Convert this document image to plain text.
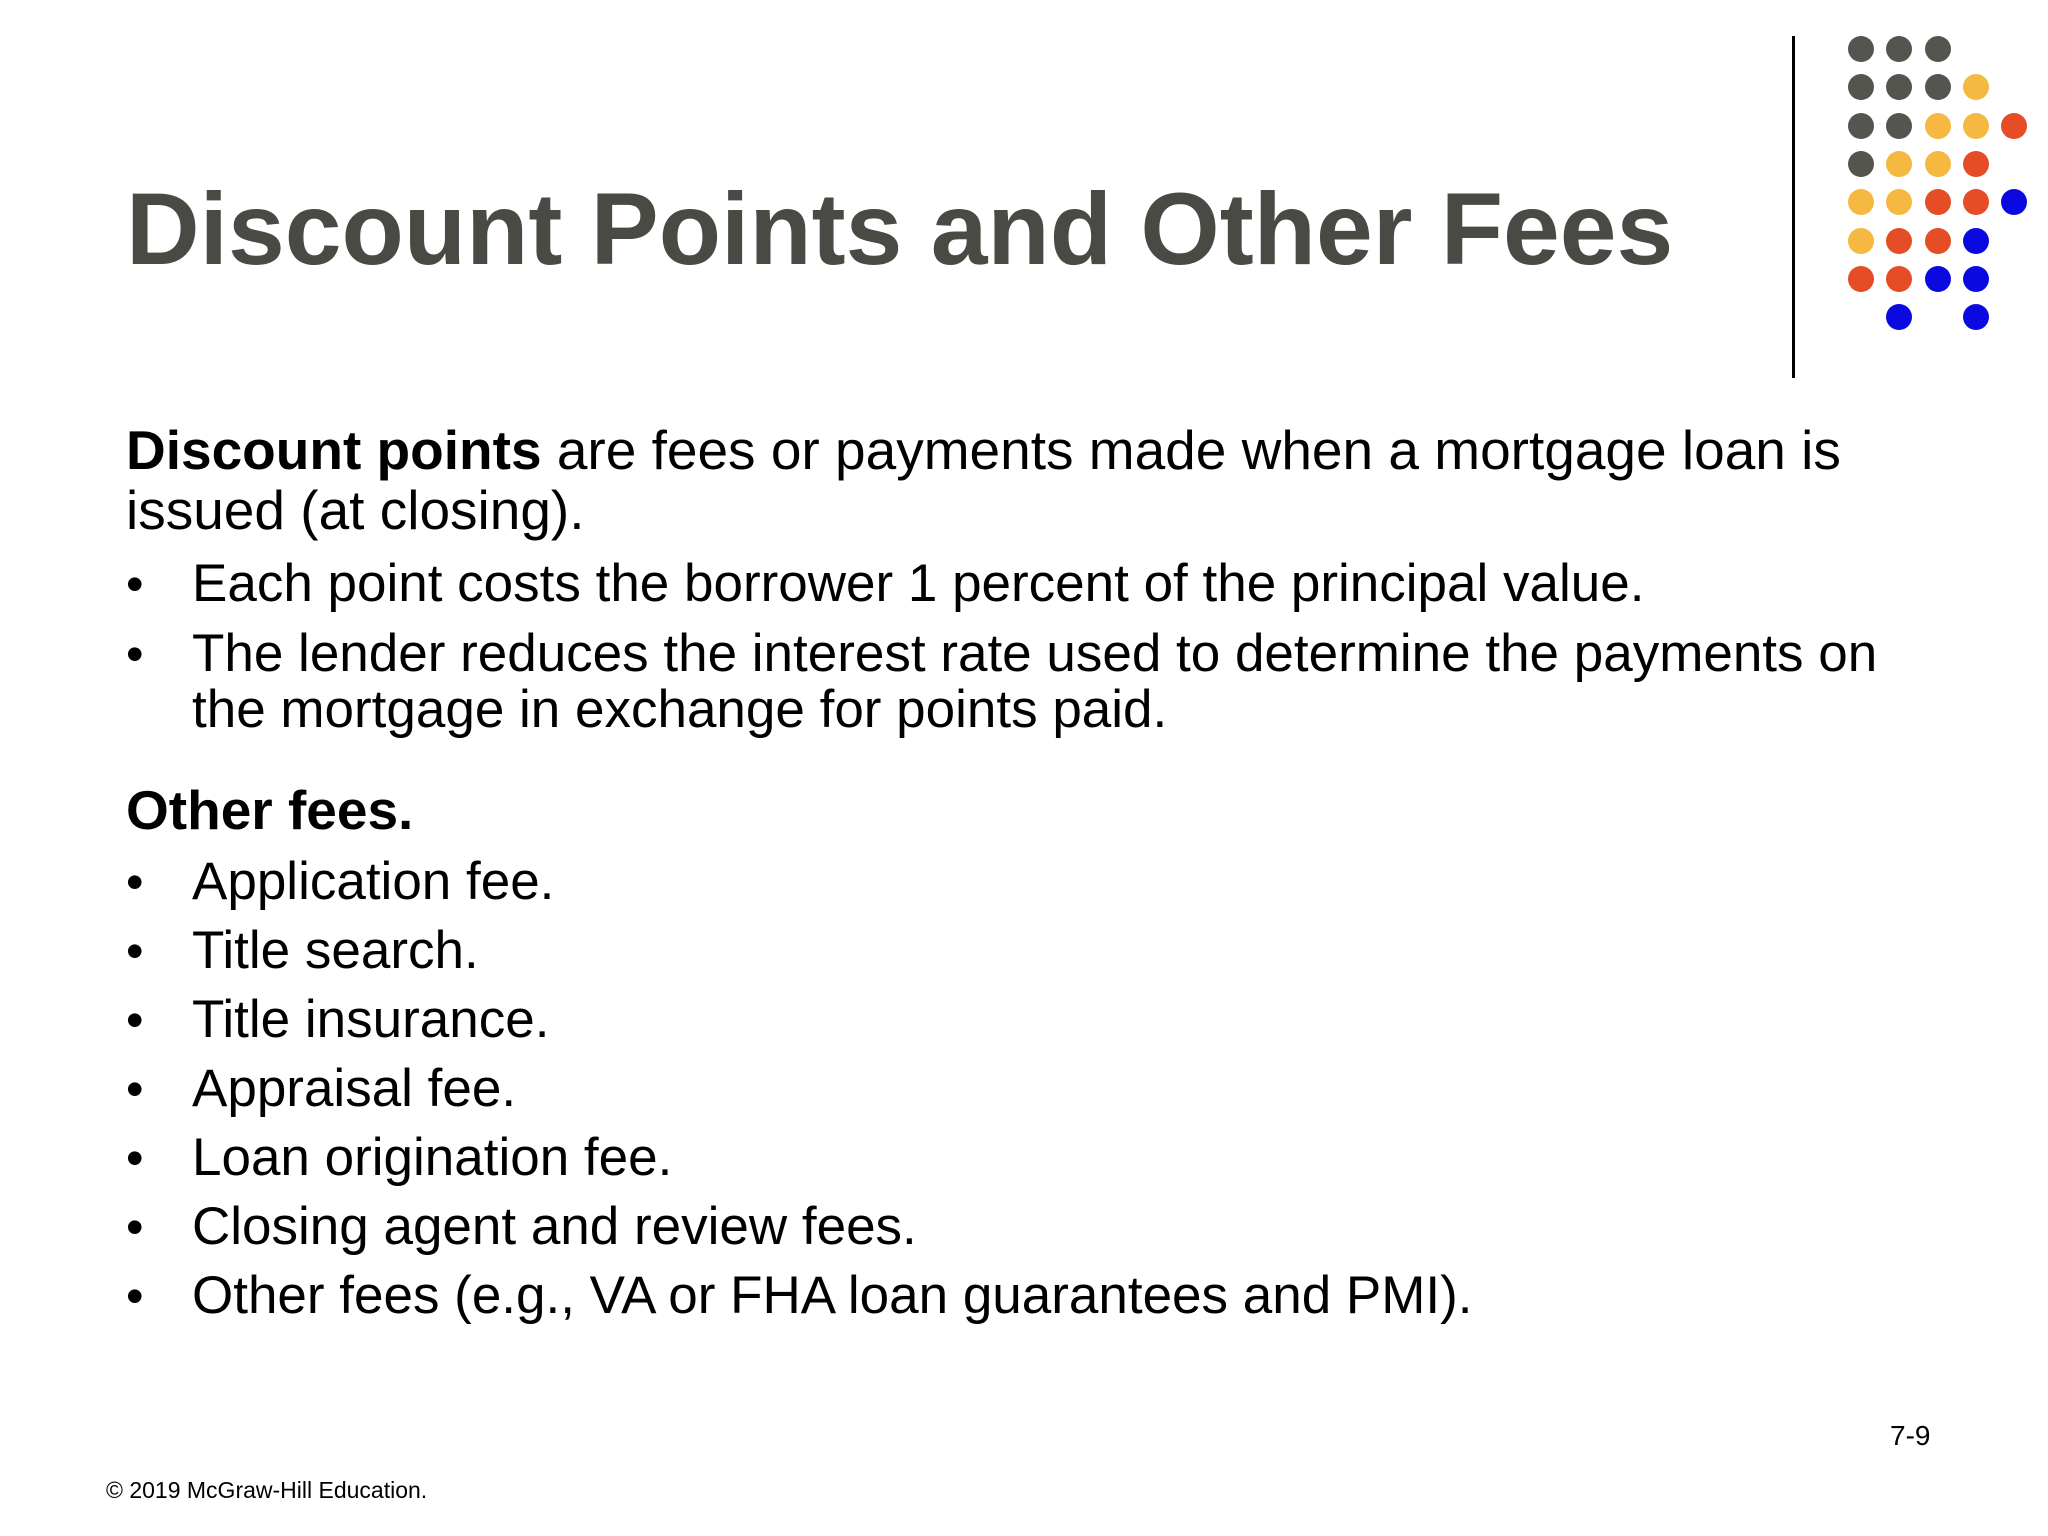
Discount Points and Other Fees
Discount points are fees or payments made when a mortgage loan is issued (at closing).
• Each point costs the borrower 1 percent of the principal value.
• The lender reduces the interest rate used to determine the payments on the mortgage in exchange for points paid.
Other fees.
• Application fee.
• Title search.
• Title insurance.
• Appraisal fee.
• Loan origination fee.
• Closing agent and review fees.
• Other fees (e.g., VA or FHA loan guarantees and PMI).
7-9
© 2019 McGraw-Hill Education.
